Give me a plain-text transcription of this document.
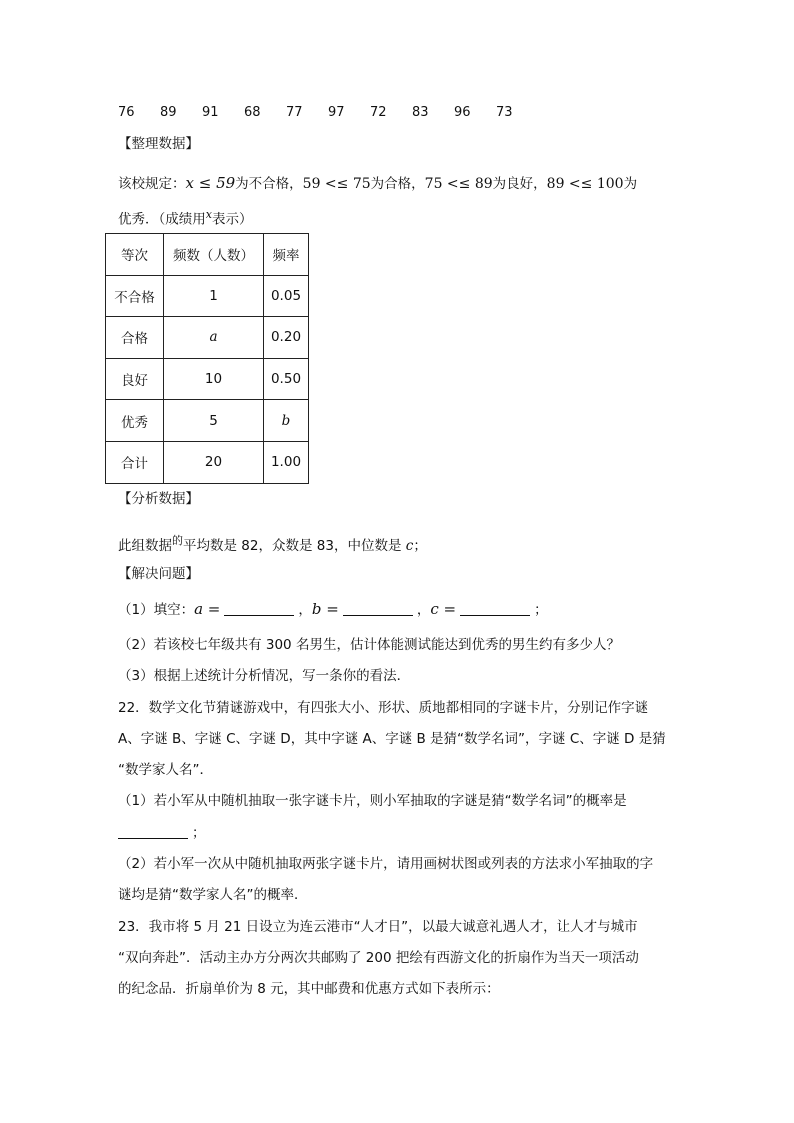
76	89	91	68	77	97	72	83	96	73
【整理数据】
该校规定：x ≤ 59为不合格，59 <≤ 75为合格，75 <≤ 89为良好，89 <≤ 100为
优秀．（成绩用$^x$表示）
等次	频数（人数）	频率
不合格	1	0.05
合格	a	0.20
良好	10	0.50
优秀	5	b
合计	20	1.00
【分析数据】
此组数据$^的$平均数是 82，众数是 83，中位数是 c；
【解决问题】
（1）填空：a =	，b =	，c =	；
（2）若该校七年级共有 300 名男生，估计体能测试能达到优秀的男生约有多少人？
（3）根据上述统计分析情况，写一条你的看法．
22．数学文化节猜谜游戏中，有四张大小、形状、质地都相同的字谜卡片，分别记作字谜
A、字谜 B、字谜 C、字谜 D，其中字谜 A、字谜 B 是猜“数学名词”，字谜 C、字谜 D 是猜
“数学家人名”．
（1）若小军从中随机抽取一张字谜卡片，则小军抽取的字谜是猜“数学名词”的概率是
；
（2）若小军一次从中随机抽取两张字谜卡片，请用画树状图或列表的方法求小军抽取的字
谜均是猜“数学家人名”的概率．
23．我市将 5 月 21 日设立为连云港市“人才日”，以最大诚意礼遇人才，让人才与城市
“双向奔赴”．活动主办方分两次共邮购了 200 把绘有西游文化的折扇作为当天一项活动
的纪念品．折扇单价为 8 元，其中邮费和优惠方式如下表所示：
